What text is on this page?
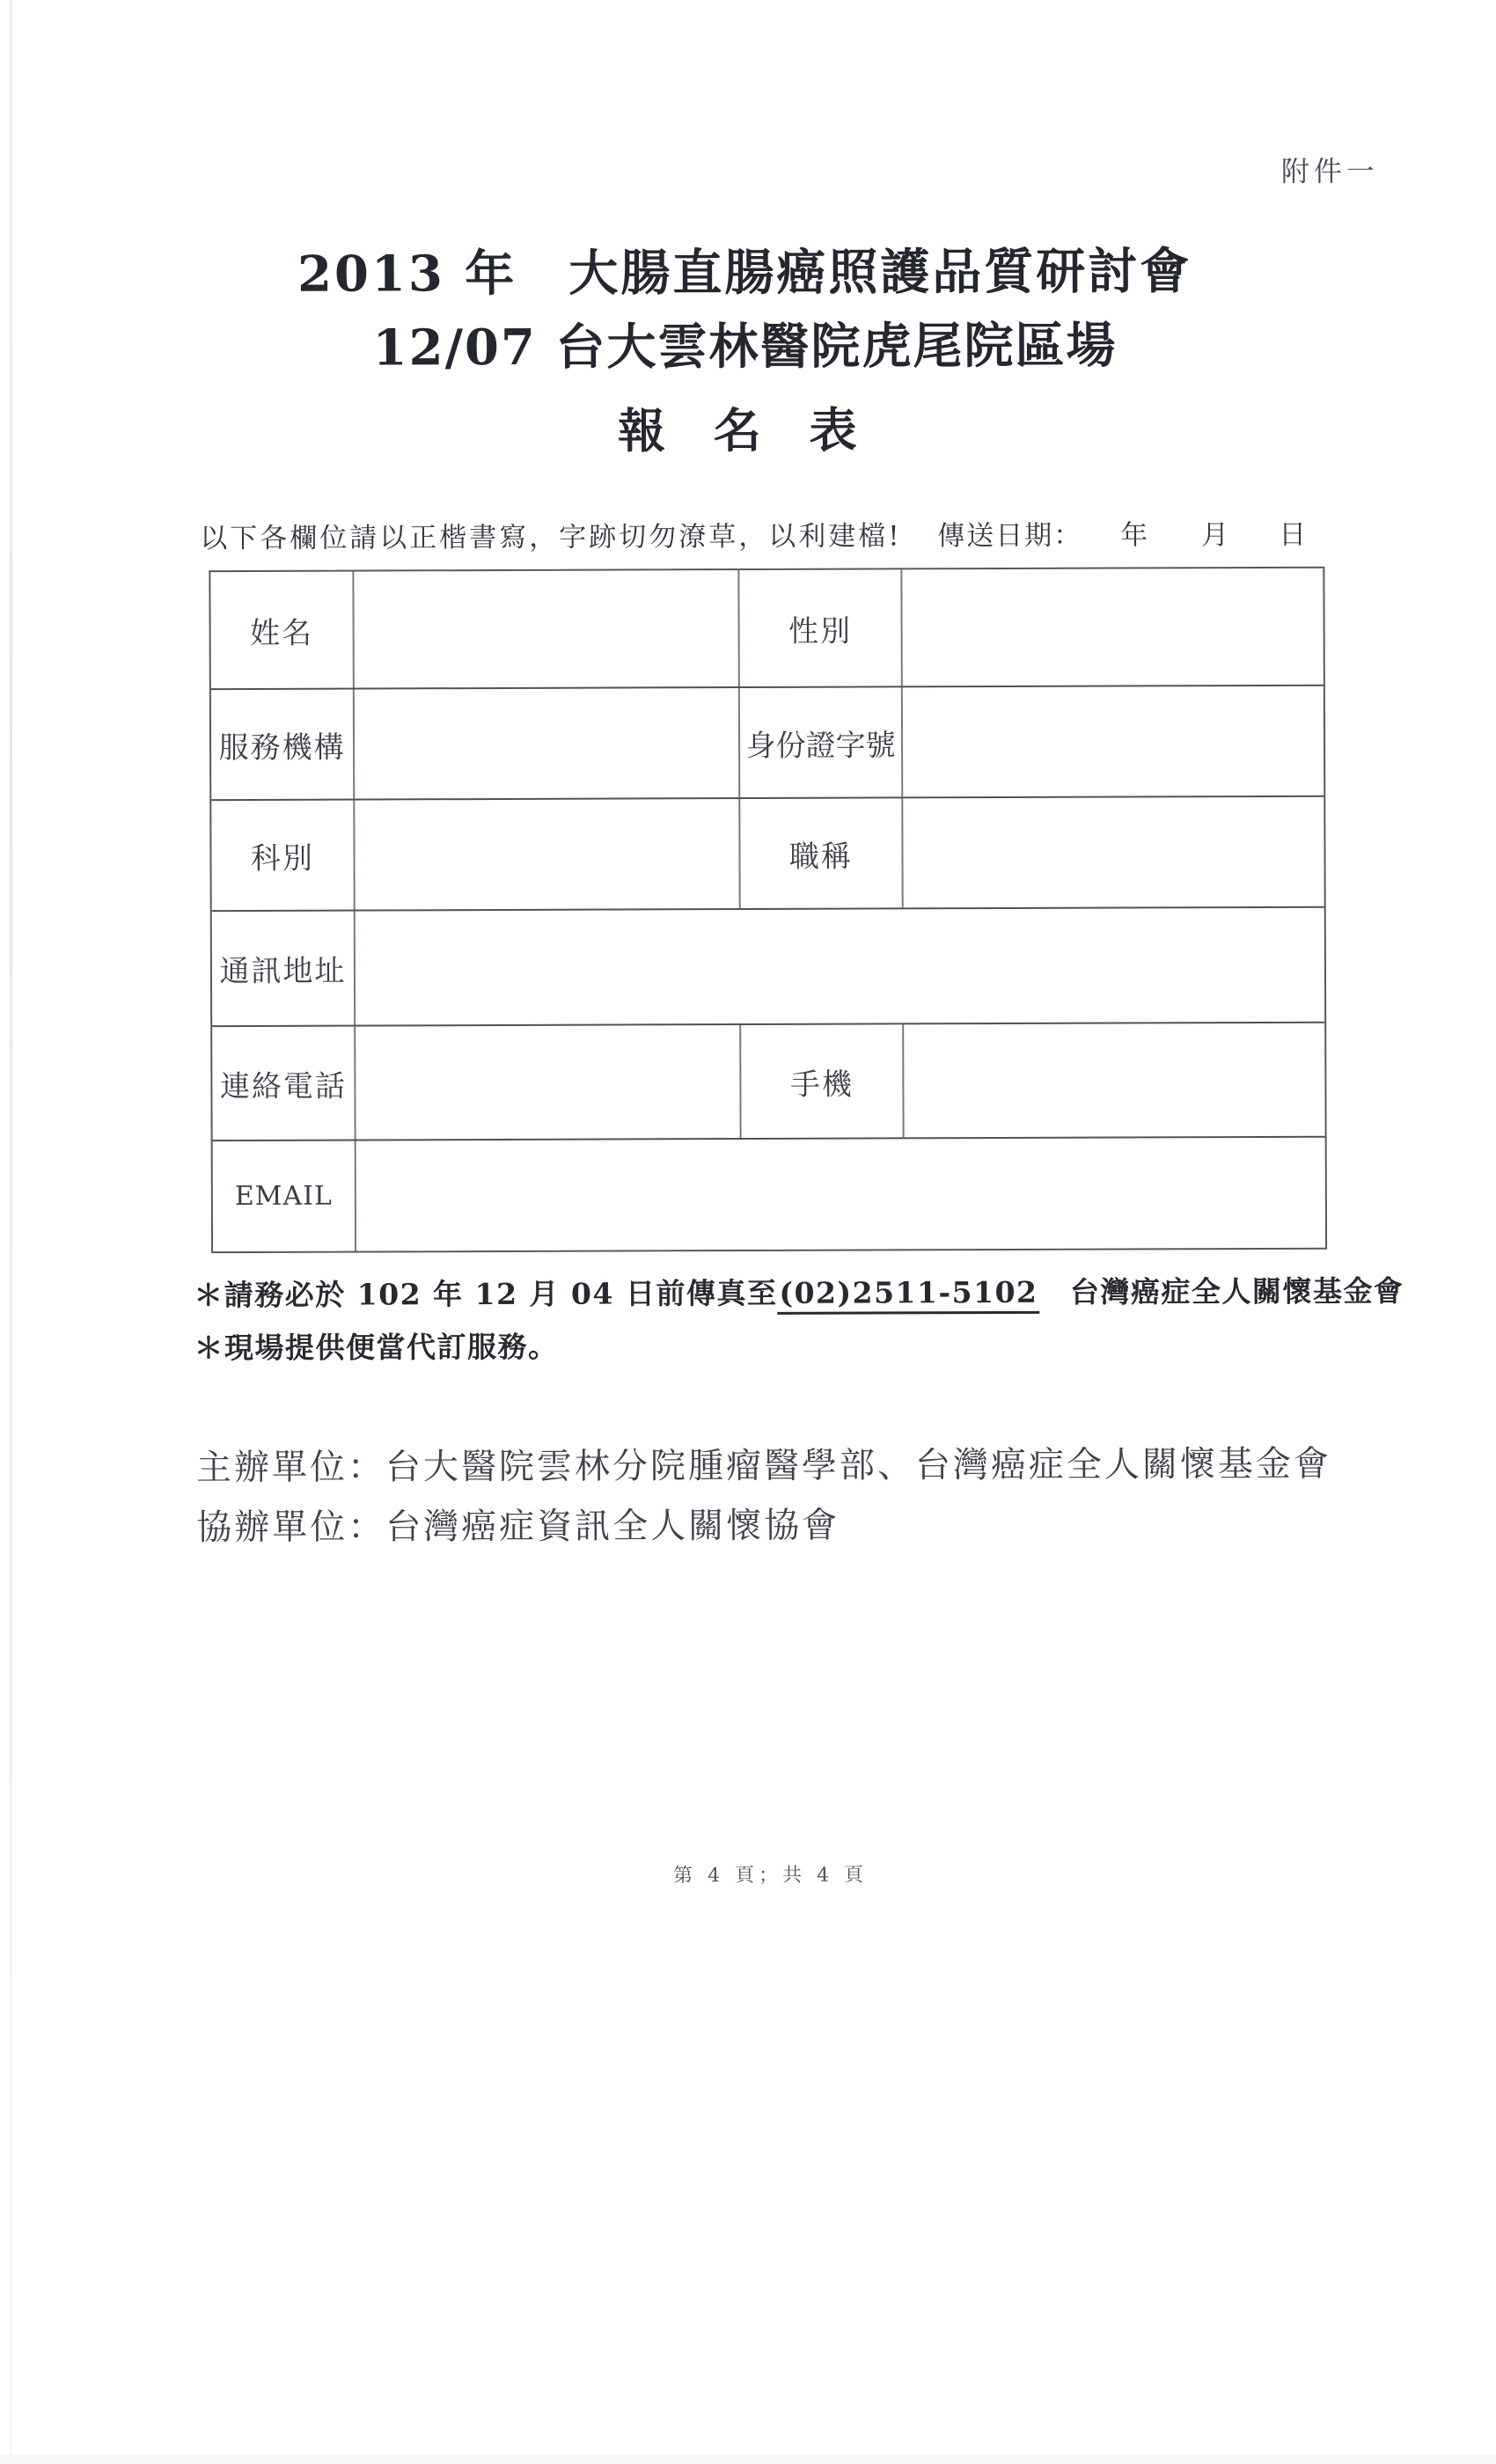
附件一
2013 年　大腸直腸癌照護品質研討會
12/07 台大雲林醫院虎尾院區場
報 名 表
以下各欄位請以正楷書寫，字跡切勿潦草，以利建檔! 傳送日期： 年 月 日
姓名	性別
服務機構	身份證字號
科別	職稱
通訊地址
連絡電話	手機
EMAIL
＊請務必於 102 年 12 月 04 日前傳真至(02)2511-5102　台灣癌症全人關懷基金會
＊現場提供便當代訂服務。
主辦單位：台大醫院雲林分院腫瘤醫學部、台灣癌症全人關懷基金會
協辦單位：台灣癌症資訊全人關懷協會
第 4 頁；共 4 頁
